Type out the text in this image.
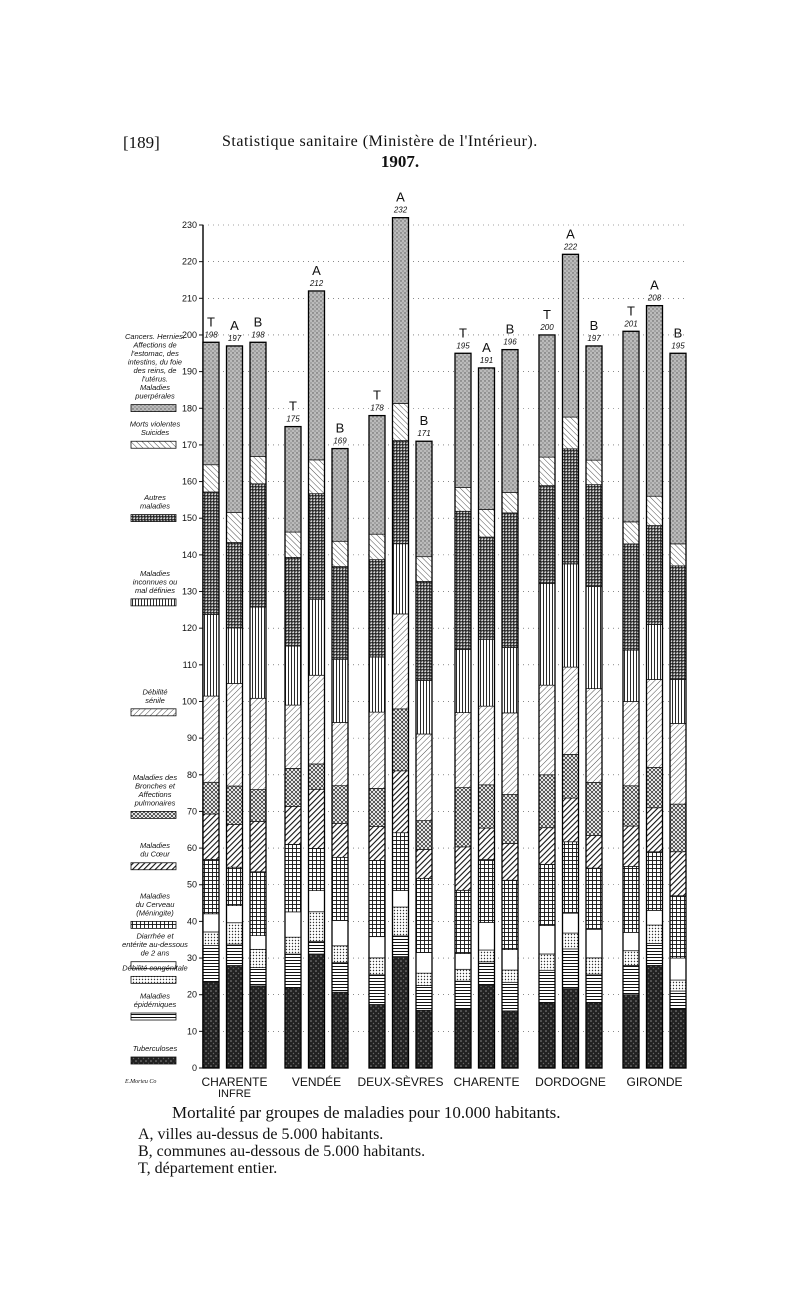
[189]	Statistique sanitaire (Ministère de l'Intérieur).
1907.
0
10
20
30
40
50
60
70
80
90
100
110
120
130
140
150
160
170
180
190
200
210
220
230
T
198
A
197
B
198
T
175
A
212
B
169
T
178
A
232
B
171
T
195 A
191
B
196
T
200
A
222
B
197
T
201
A
208
B
195
Cancers. Hernies.
Affections de
l'estomac, des
intestins, du foie
des reins, de
l'utérus.
Maladies
puerpérales
Morts violentes
Suicides
Autres
maladies
Maladies
inconnues ou
mal définies
Débilité
sénile
Maladies des
Bronches et
Affections
pulmonaires
Maladies
du Cœur
Maladies
du Cerveau
(Méningite)
Diarrhée et
entérite au-dessous
de 2 ans
Débilité congénitale
Maladies
épidémiques
Tuberculoses
CHARENTE
INFRE
VENDÉE DEUX-SÈVRES CHARENTE DORDOGNE GIRONDE
E.Morieu Co
Mortalité par groupes de maladies pour 10.000 habitants.
A, villes au-dessus de 5.000 habitants.
B, communes au-dessous de 5.000 habitants.
T, département entier.
